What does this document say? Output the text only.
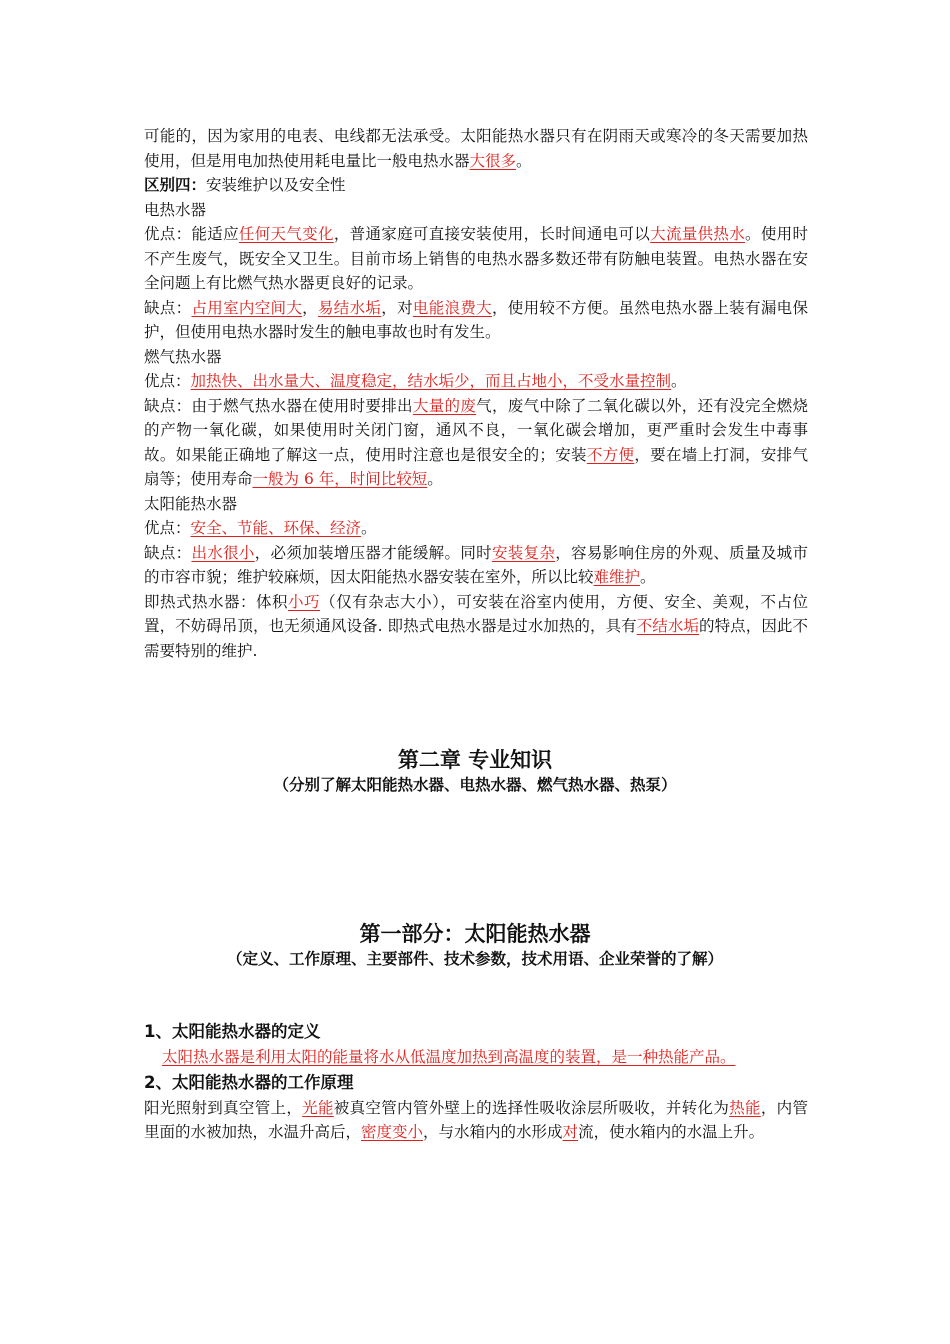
可能的，因为家用的电表、电线都无法承受。太阳能热水器只有在阴雨天或寒冷的冬天需要加热使用，但是用电加热使用耗电量比一般电热水器大很多。

区别四：安装维护以及安全性

电热水器

优点：能适应任何天气变化，普通家庭可直接安装使用，长时间通电可以大流量供热水。使用时不产生废气，既安全又卫生。目前市场上销售的电热水器多数还带有防触电装置。电热水器在安全问题上有比燃气热水器更良好的记录。

缺点：占用室内空间大，易结水垢，对电能浪费大，使用较不方便。虽然电热水器上装有漏电保护，但使用电热水器时发生的触电事故也时有发生。

燃气热水器

优点：加热快、出水量大、温度稳定，结水垢少，而且占地小，不受水量控制。

缺点：由于燃气热水器在使用时要排出大量的废气，废气中除了二氧化碳以外，还有没完全燃烧的产物一氧化碳，如果使用时关闭门窗，通风不良，一氧化碳会增加，更严重时会发生中毒事故。如果能正确地了解这一点，使用时注意也是很安全的；安装不方便，要在墙上打洞，安排气扇等；使用寿命一般为 6 年，时间比较短。

太阳能热水器

优点：安全、节能、环保、经济。

缺点：出水很小，必须加装增压器才能缓解。同时安装复杂，容易影响住房的外观、质量及城市的市容市貌；维护较麻烦，因太阳能热水器安装在室外，所以比较难维护。

即热式热水器：体积小巧（仅有杂志大小），可安装在浴室内使用，方便、安全、美观，不占位置，不妨碍吊顶，也无须通风设备. 即热式电热水器是过水加热的，具有不结水垢的特点，因此不需要特别的维护.

第二章 专业知识
（分别了解太阳能热水器、电热水器、燃气热水器、热泵）
第一部分：太阳能热水器
（定义、工作原理、主要部件、技术参数，技术用语、企业荣誉的了解）

1、太阳能热水器的定义

太阳热水器是利用太阳的能量将水从低温度加热到高温度的装置，是一种热能产品。

2、太阳能热水器的工作原理

阳光照射到真空管上，光能被真空管内管外壁上的选择性吸收涂层所吸收，并转化为热能，内管里面的水被加热，水温升高后，密度变小，与水箱内的水形成对流，使水箱内的水温上升。
